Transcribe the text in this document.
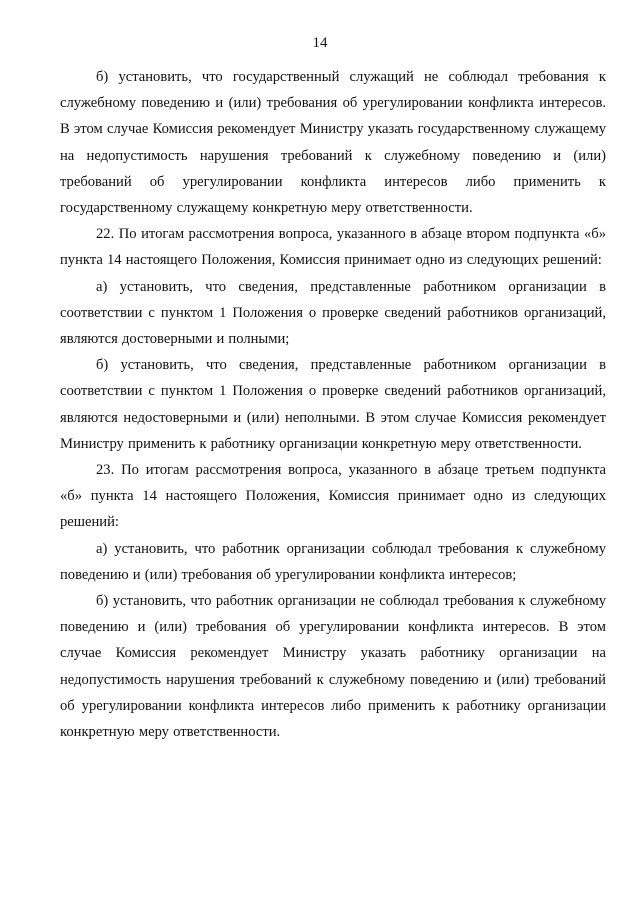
14

б) установить, что государственный служащий не соблюдал требования к служебному поведению и (или) требования об урегулировании конфликта интересов. В этом случае Комиссия рекомендует Министру указать государственному служащему на недопустимость нарушения требований к служебному поведению и (или) требований об урегулировании конфликта интересов либо применить к государственному служащему конкретную меру ответственности.

22. По итогам рассмотрения вопроса, указанного в абзаце втором подпункта «б» пункта 14 настоящего Положения, Комиссия принимает одно из следующих решений:

а) установить, что сведения, представленные работником организации в соответствии с пунктом 1 Положения о проверке сведений работников организаций, являются достоверными и полными;

б) установить, что сведения, представленные работником организации в соответствии с пунктом 1 Положения о проверке сведений работников организаций, являются недостоверными и (или) неполными. В этом случае Комиссия рекомендует Министру применить к работнику организации конкретную меру ответственности.

23. По итогам рассмотрения вопроса, указанного в абзаце третьем подпункта «б» пункта 14 настоящего Положения, Комиссия принимает одно из следующих решений:

а) установить, что работник организации соблюдал требования к служебному поведению и (или) требования об урегулировании конфликта интересов;

б) установить, что работник организации не соблюдал требования к служебному поведению и (или) требования об урегулировании конфликта интересов. В этом случае Комиссия рекомендует Министру указать работнику организации на недопустимость нарушения требований к служебному поведению и (или) требований об урегулировании конфликта интересов либо применить к работнику организации конкретную меру ответственности.
